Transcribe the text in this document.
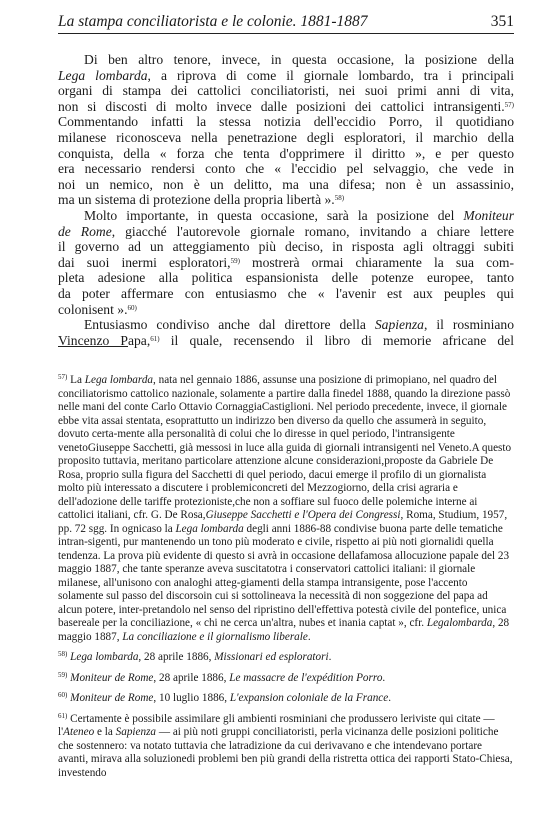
La stampa conciliatorista e le colonie. 1881-1887	351
Di ben altro tenore, invece, in questa occasione, la posizione della
Lega lombarda, a riprova di come il giornale lombardo, tra i principali
organi di stampa dei cattolici conciliatoristi, nei suoi primi anni di vita,
non si discosti di molto invece dalle posizioni dei cattolici intransigenti.$^{57)}$
Commentando infatti la stessa notizia dell'eccidio Porro, il quotidiano
milanese riconosceva nella penetrazione degli esploratori, il marchio della
conquista, della « forza che tenta d'opprimere il diritto », e per questo
era necessario rendersi conto che « l'eccidio pel selvaggio, che vede in
noi un nemico, non è un delitto, ma una difesa; non è un assassinio,
ma un sistema di protezione della propria libertà ».$^{58)}$
Molto importante, in questa occasione, sarà la posizione del Moniteur
de Rome, giacché l'autorevole giornale romano, invitando a chiare lettere
il governo ad un atteggiamento più deciso, in risposta agli oltraggi subiti
dai suoi inermi esploratori,$^{59)}$ mostrerà ormai chiaramente la sua com-
pleta adesione alla politica espansionista delle potenze europee, tanto
da poter affermare con entusiasmo che « l'avenir est aux peuples qui
colonisent ».$^{60)}$
Entusiasmo condiviso anche dal direttore della Sapienza, il rosminiano
Vincenzo Papa,$^{61)}$ il quale, recensendo il libro di memorie africane del
$^{57)}$ La Lega lombarda, nata nel gennaio 1886, assunse una posizione di primopiano, nel quadro del conciliatorismo cattolico nazionale, solamente a partire dalla finedel 1888, quando la direzione passò nelle mani del conte Carlo Ottavio CornaggiaCastiglioni. Nel periodo precedente, invece, il giornale ebbe vita assai stentata, esoprattutto un indirizzo ben diverso da quello che assumerà in seguito, dovuto certa-mente alla personalità di colui che lo diresse in quel periodo, l'intransigente venetoGiuseppe Sacchetti, già messosi in luce alla guida di giornali intransigenti nel Veneto.A questo proposito tuttavia, meritano particolare attenzione alcune considerazioni,proposte da Gabriele De Rosa, proprio sulla figura del Sacchetti di quel periodo, dacui emerge il profilo di un giornalista molto più interessato a discutere i problemiconcreti del Mezzogiorno, della crisi agraria e dell'adozione delle tariffe protezioniste,che non a soffiare sul fuoco delle polemiche interne ai cattolici italiani, cfr. G. De Rosa,Giuseppe Sacchetti e l'Opera dei Congressi, Roma, Studium, 1957, pp. 72 sgg. In ognicaso la Lega lombarda degli anni 1886-88 condivise buona parte delle tematiche intran-sigenti, pur mantenendo un tono più moderato e civile, rispetto ai più noti giornalidi quella tendenza. La prova più evidente di questo si avrà in occasione dellafamosa allocuzione papale del 23 maggio 1887, che tante speranze aveva suscitatotra i conservatori cattolici italiani: il giornale milanese, all'unisono con analoghi atteg-giamenti della stampa intransigente, pose l'accento solamente sul passo del discorsoin cui si sottolineava la necessità di non soggezione del papa ad alcun potere, inter-pretandolo nel senso del ripristino dell'effettiva potestà civile del pontefice, unica basereale per la conciliazione, « chi ne cerca un'altra, nubes et inania captat », cfr. Legalombarda, 28 maggio 1887, La conciliazione e il giornalismo liberale.
$^{58)}$ Lega lombarda, 28 aprile 1886, Missionari ed esploratori.
$^{59)}$ Moniteur de Rome, 28 aprile 1886, Le massacre de l'expédition Porro.
$^{60)}$ Moniteur de Rome, 10 luglio 1886, L'expansion coloniale de la France.
$^{61)}$ Certamente è possibile assimilare gli ambienti rosminiani che produssero leriviste qui citate — l'Ateneo e la Sapienza — ai più noti gruppi conciliatoristi, perla vicinanza delle posizioni politiche che sostennero: va notato tuttavia che latradizione da cui derivavano e che intendevano portare avanti, mirava alla soluzionedi problemi ben più grandi della ristretta ottica dei rapporti Stato-Chiesa, investendo
